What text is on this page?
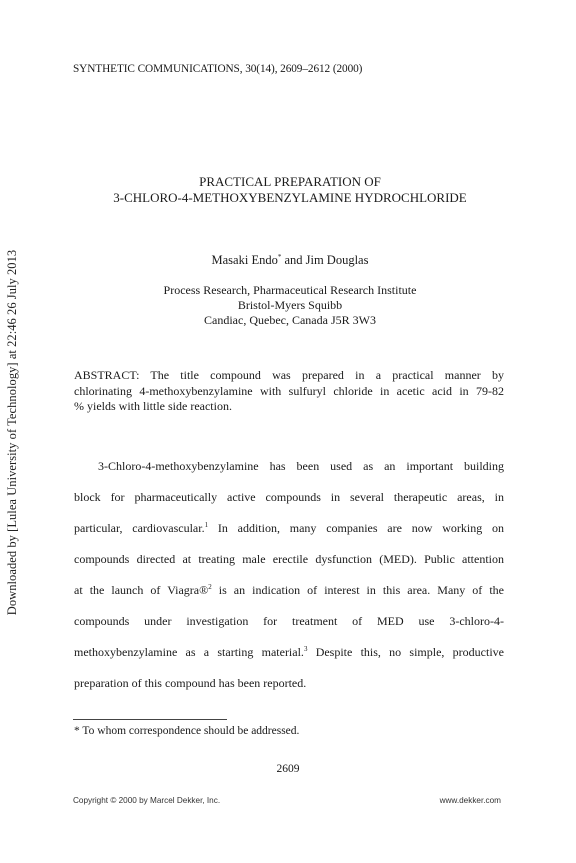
Downloaded by [Lulea University of Technology] at 22:46 26 July 2013
SYNTHETIC COMMUNICATIONS, 30(14), 2609–2612 (2000)
PRACTICAL PREPARATION OF
3-CHLORO-4-METHOXYBENZYLAMINE HYDROCHLORIDE
Masaki Endo* and Jim Douglas
Process Research, Pharmaceutical Research Institute
Bristol-Myers Squibb
Candiac, Quebec, Canada J5R 3W3
ABSTRACT: The title compound was prepared in a practical manner by
chlorinating 4-methoxybenzylamine with sulfuryl chloride in acetic acid in 79-82
% yields with little side reaction.
3-Chloro-4-methoxybenzylamine has been used as an important building
block for pharmaceutically active compounds in several therapeutic areas, in
particular, cardiovascular.$^1$ In addition, many companies are now working on
compounds directed at treating male erectile dysfunction (MED). Public attention
at the launch of Viagra®$^2$ is an indication of interest in this area. Many of the
compounds under investigation for treatment of MED use 3-chloro-4-
methoxybenzylamine as a starting material.$^3$ Despite this, no simple, productive
preparation of this compound has been reported.
* To whom correspondence should be addressed.
2609
Copyright © 2000 by Marcel Dekker, Inc.	www.dekker.com
